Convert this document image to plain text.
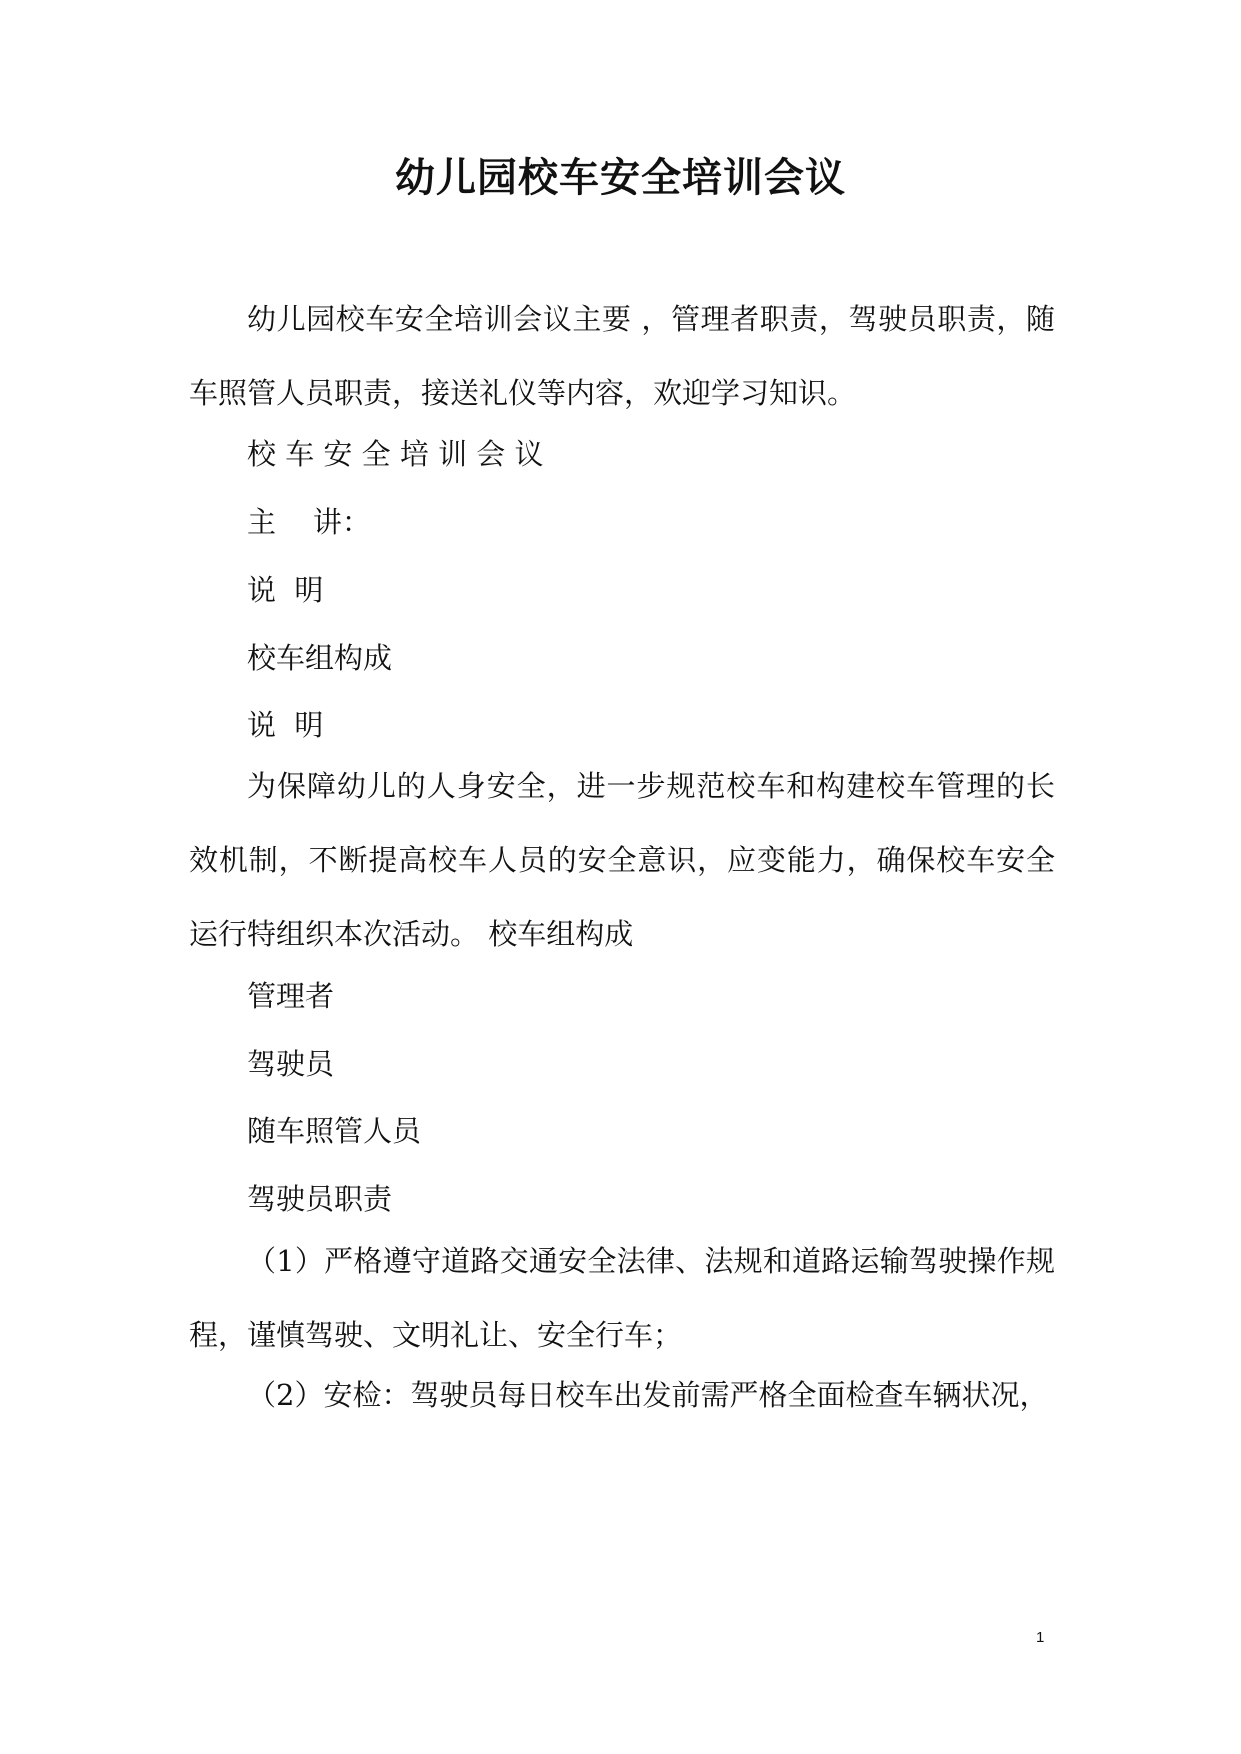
幼儿园校车安全培训会议

幼儿园校车安全培训会议主要 ，管理者职责，驾驶员职责，随车照管人员职责，接送礼仪等内容，欢迎学习知识。

校 车 安 全 培 训 会 议
主    讲：
说  明
校车组构成
说  明

为保障幼儿的人身安全，进一步规范校车和构建校车管理的长效机制，不断提高校车人员的安全意识，应变能力，确保校车安全运行特组织本次活动。 校车组构成

管理者
驾驶员
随车照管人员
驾驶员职责

（1）严格遵守道路交通安全法律、法规和道路运输驾驶操作规程，谨慎驾驶、文明礼让、安全行车；

（2）安检：驾驶员每日校车出发前需严格全面检查车辆状况，

1
